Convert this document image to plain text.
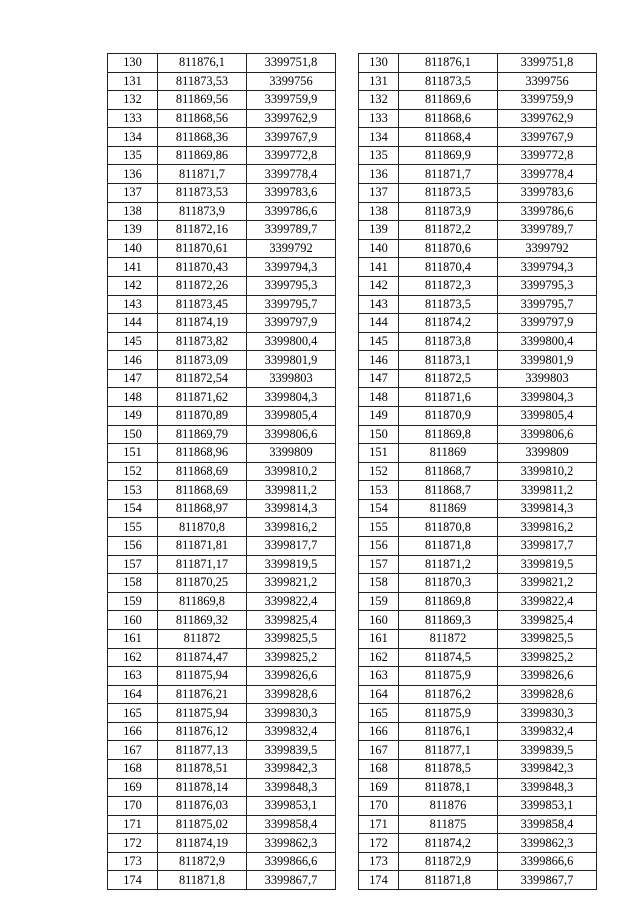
130	811876,1	3399751,8
131	811873,53	3399756
132	811869,56	3399759,9
133	811868,56	3399762,9
134	811868,36	3399767,9
135	811869,86	3399772,8
136	811871,7	3399778,4
137	811873,53	3399783,6
138	811873,9	3399786,6
139	811872,16	3399789,7
140	811870,61	3399792
141	811870,43	3399794,3
142	811872,26	3399795,3
143	811873,45	3399795,7
144	811874,19	3399797,9
145	811873,82	3399800,4
146	811873,09	3399801,9
147	811872,54	3399803
148	811871,62	3399804,3
149	811870,89	3399805,4
150	811869,79	3399806,6
151	811868,96	3399809
152	811868,69	3399810,2
153	811868,69	3399811,2
154	811868,97	3399814,3
155	811870,8	3399816,2
156	811871,81	3399817,7
157	811871,17	3399819,5
158	811870,25	3399821,2
159	811869,8	3399822,4
160	811869,32	3399825,4
161	811872	3399825,5
162	811874,47	3399825,2
163	811875,94	3399826,6
164	811876,21	3399828,6
165	811875,94	3399830,3
166	811876,12	3399832,4
167	811877,13	3399839,5
168	811878,51	3399842,3
169	811878,14	3399848,3
170	811876,03	3399853,1
171	811875,02	3399858,4
172	811874,19	3399862,3
173	811872,9	3399866,6
174	811871,8	3399867,7
130	811876,1	3399751,8
131	811873,5	3399756
132	811869,6	3399759,9
133	811868,6	3399762,9
134	811868,4	3399767,9
135	811869,9	3399772,8
136	811871,7	3399778,4
137	811873,5	3399783,6
138	811873,9	3399786,6
139	811872,2	3399789,7
140	811870,6	3399792
141	811870,4	3399794,3
142	811872,3	3399795,3
143	811873,5	3399795,7
144	811874,2	3399797,9
145	811873,8	3399800,4
146	811873,1	3399801,9
147	811872,5	3399803
148	811871,6	3399804,3
149	811870,9	3399805,4
150	811869,8	3399806,6
151	811869	3399809
152	811868,7	3399810,2
153	811868,7	3399811,2
154	811869	3399814,3
155	811870,8	3399816,2
156	811871,8	3399817,7
157	811871,2	3399819,5
158	811870,3	3399821,2
159	811869,8	3399822,4
160	811869,3	3399825,4
161	811872	3399825,5
162	811874,5	3399825,2
163	811875,9	3399826,6
164	811876,2	3399828,6
165	811875,9	3399830,3
166	811876,1	3399832,4
167	811877,1	3399839,5
168	811878,5	3399842,3
169	811878,1	3399848,3
170	811876	3399853,1
171	811875	3399858,4
172	811874,2	3399862,3
173	811872,9	3399866,6
174	811871,8	3399867,7
